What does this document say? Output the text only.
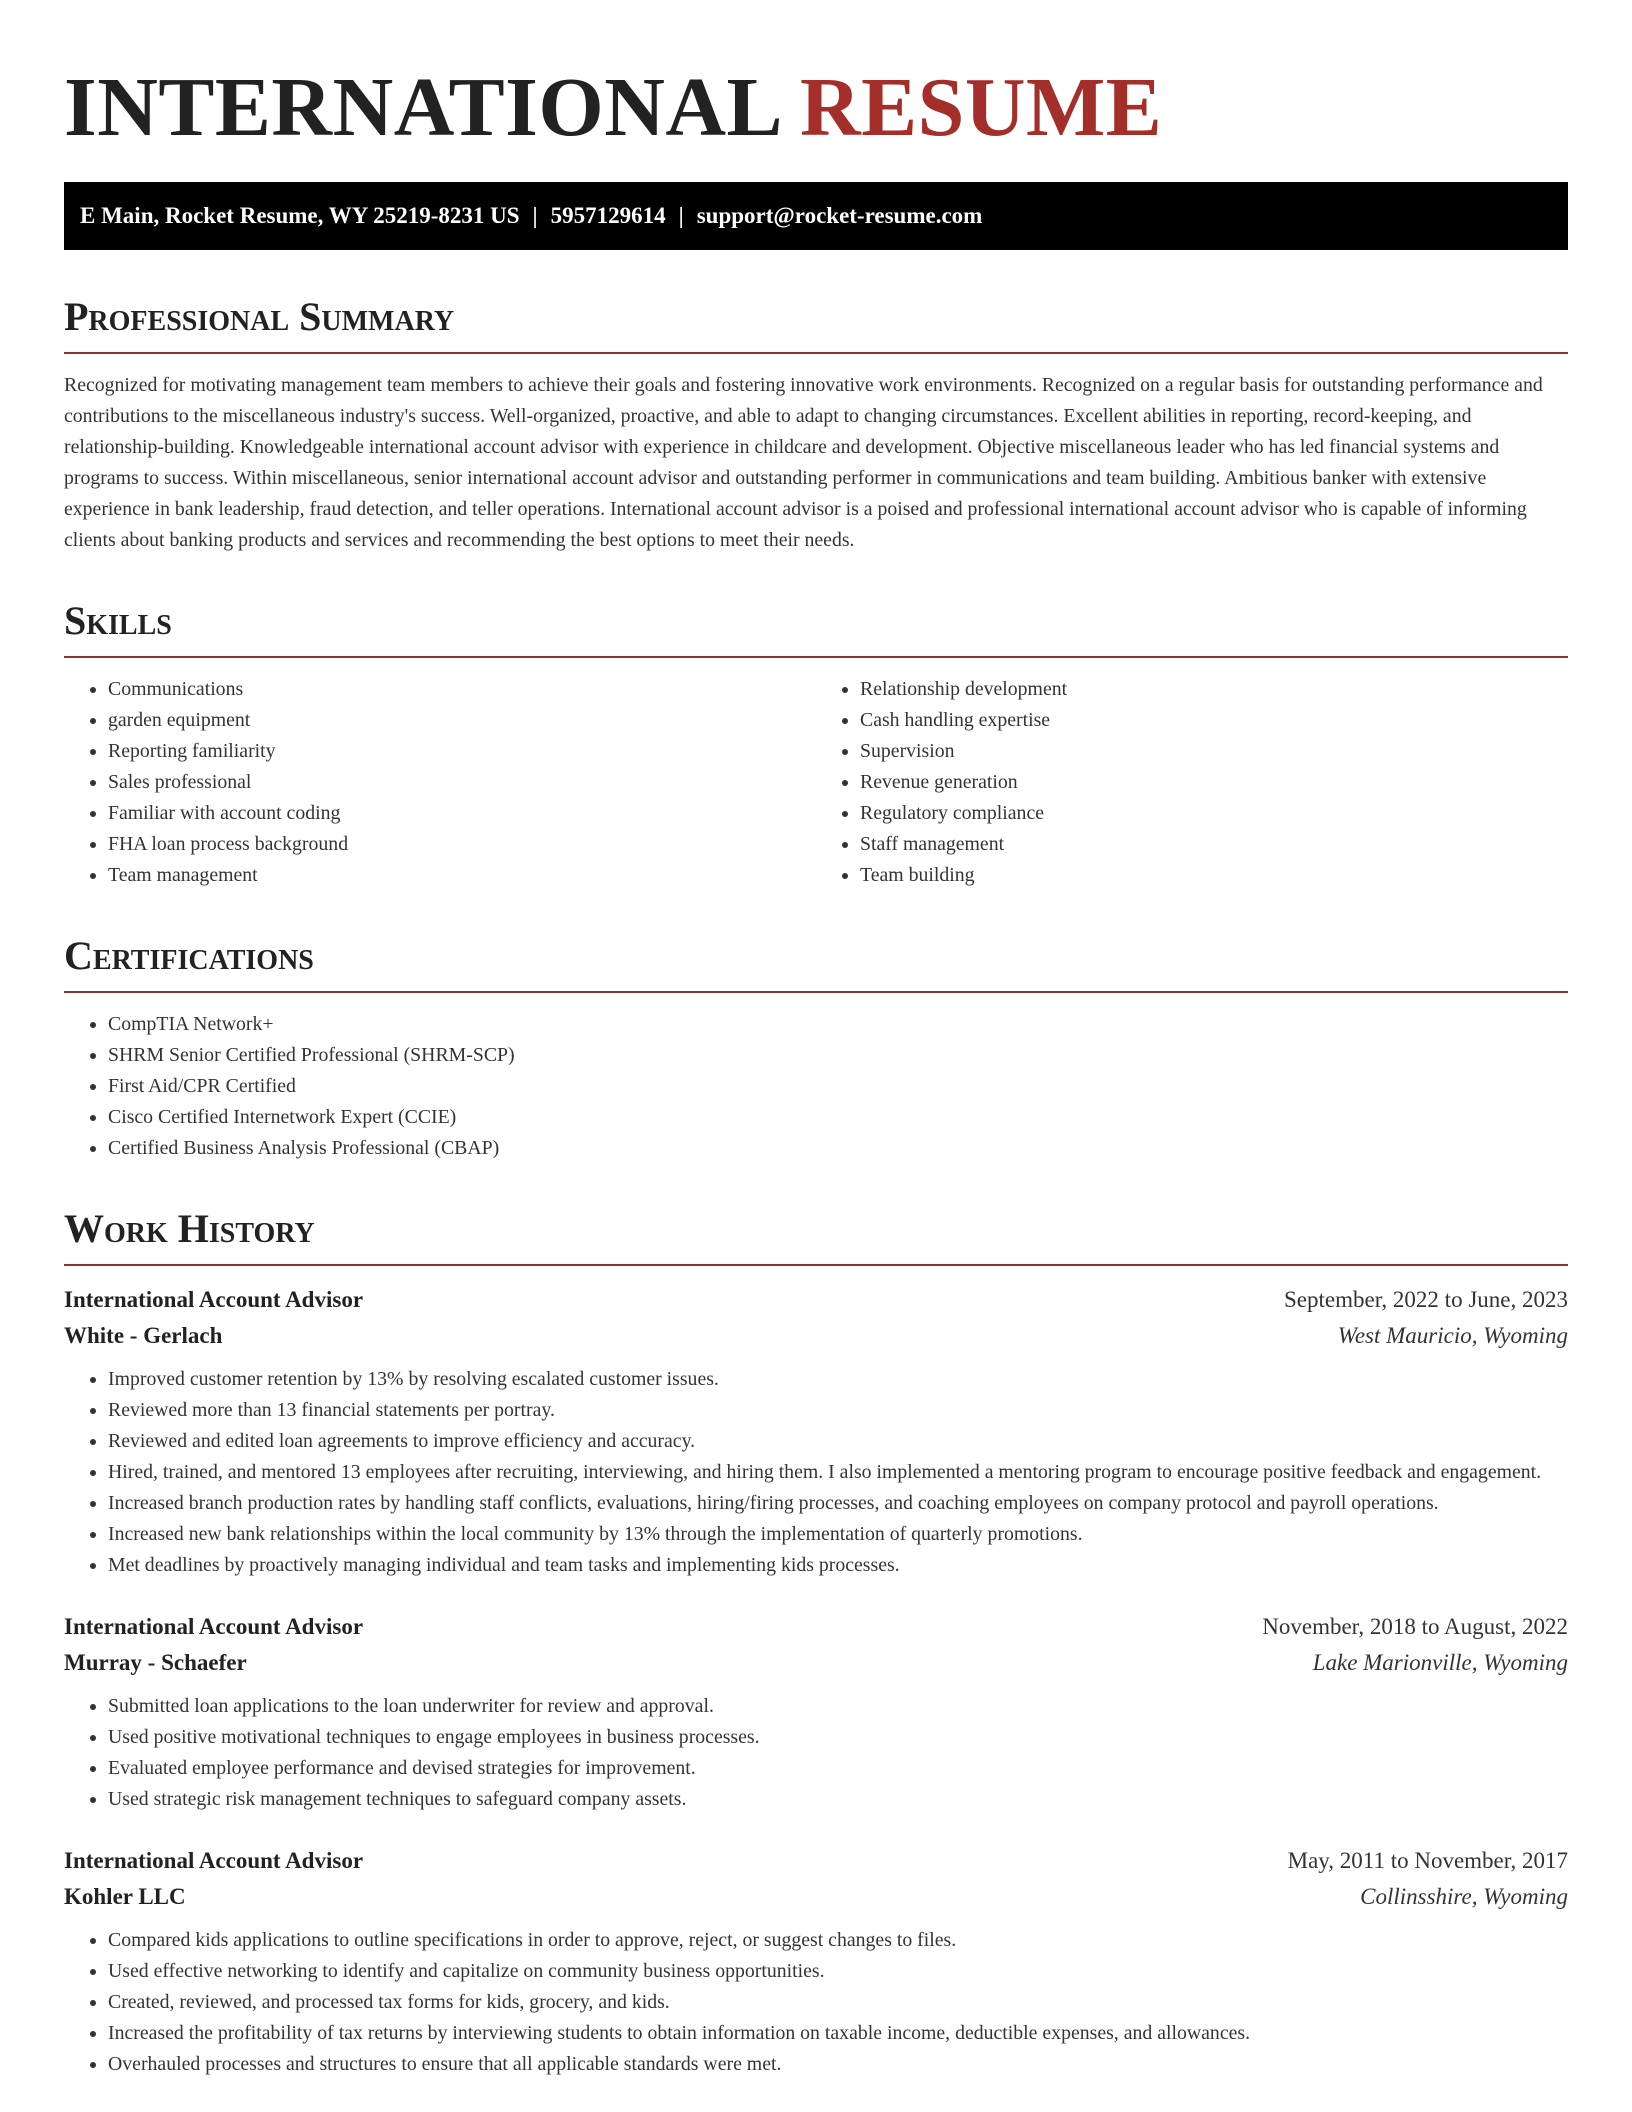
INTERNATIONAL RESUME
E Main, Rocket Resume, WY 25219-8231 US | 5957129614 | support@rocket-resume.com
Professional Summary

Recognized for motivating management team members to achieve their goals and fostering innovative work environments. Recognized on a regular basis for outstanding performance and contributions to the miscellaneous industry's success. Well-organized, proactive, and able to adapt to changing circumstances. Excellent abilities in reporting, record-keeping, and relationship-building. Knowledgeable international account advisor with experience in childcare and development. Objective miscellaneous leader who has led financial systems and programs to success. Within miscellaneous, senior international account advisor and outstanding performer in communications and team building. Ambitious banker with extensive experience in bank leadership, fraud detection, and teller operations. International account advisor is a poised and professional international account advisor who is capable of informing clients about banking products and services and recommending the best options to meet their needs.

Skills
• Communications
• garden equipment
• Reporting familiarity
• Sales professional
• Familiar with account coding
• FHA loan process background
• Team management
• Relationship development
• Cash handling expertise
• Supervision
• Revenue generation
• Regulatory compliance
• Staff management
• Team building
Certifications
• CompTIA Network+
• SHRM Senior Certified Professional (SHRM-SCP)
• First Aid/CPR Certified
• Cisco Certified Internetwork Expert (CCIE)
• Certified Business Analysis Professional (CBAP)
Work History
International Account Advisor	September, 2022 to June, 2023
White - Gerlach	West Mauricio, Wyoming
• Improved customer retention by 13% by resolving escalated customer issues.
• Reviewed more than 13 financial statements per portray.
• Reviewed and edited loan agreements to improve efficiency and accuracy.
• Hired, trained, and mentored 13 employees after recruiting, interviewing, and hiring them. I also implemented a mentoring program to encourage positive feedback and engagement.
• Increased branch production rates by handling staff conflicts, evaluations, hiring/firing processes, and coaching employees on company protocol and payroll operations.
• Increased new bank relationships within the local community by 13% through the implementation of quarterly promotions.
• Met deadlines by proactively managing individual and team tasks and implementing kids processes.
International Account Advisor	November, 2018 to August, 2022
Murray - Schaefer	Lake Marionville, Wyoming
• Submitted loan applications to the loan underwriter for review and approval.
• Used positive motivational techniques to engage employees in business processes.
• Evaluated employee performance and devised strategies for improvement.
• Used strategic risk management techniques to safeguard company assets.
International Account Advisor	May, 2011 to November, 2017
Kohler LLC	Collinsshire, Wyoming
• Compared kids applications to outline specifications in order to approve, reject, or suggest changes to files.
• Used effective networking to identify and capitalize on community business opportunities.
• Created, reviewed, and processed tax forms for kids, grocery, and kids.
• Increased the profitability of tax returns by interviewing students to obtain information on taxable income, deductible expenses, and allowances.
• Overhauled processes and structures to ensure that all applicable standards were met.
